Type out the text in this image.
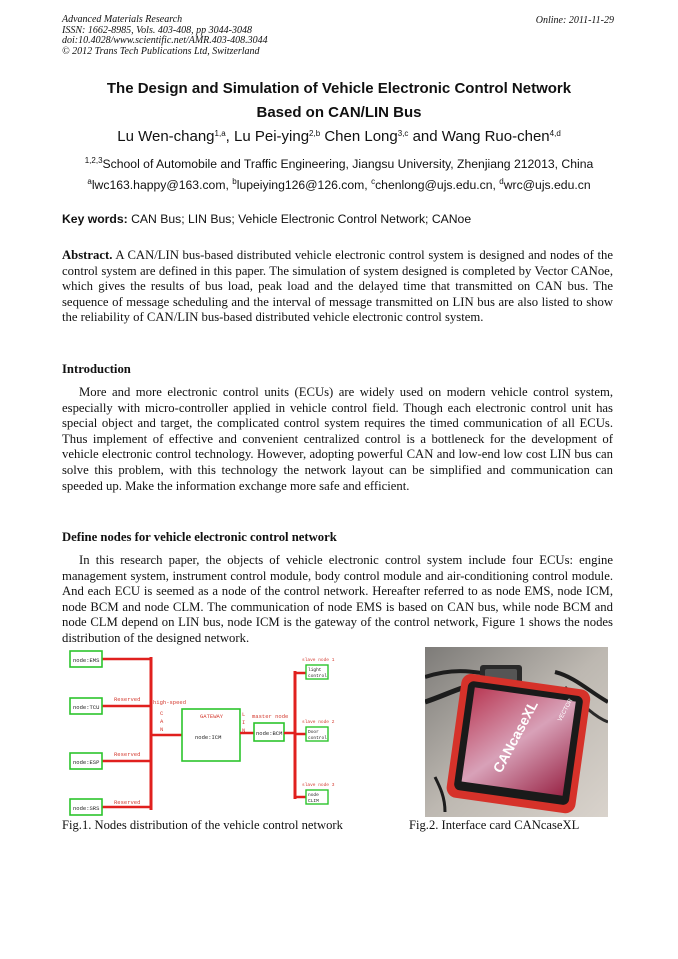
Advanced Materials Research
ISSN: 1662-8985, Vols. 403-408, pp 3044-3048
doi:10.4028/www.scientific.net/AMR.403-408.3044
© 2012 Trans Tech Publications Ltd, Switzerland
Online: 2011-11-29
The Design and Simulation of Vehicle Electronic Control Network
Based on CAN/LIN Bus
Lu Wen-chang$^{1,a}$, Lu Pei-ying$^{2,b}$ Chen Long$^{3,c}$ and Wang Ruo-chen$^{4,d}$
$^{1,2,3}$School of Automobile and Traffic Engineering, Jiangsu University, Zhenjiang 212013, China
$^a$lwc163.happy@163.com, $^b$lupeiying126@126.com, $^c$chenlong@ujs.edu.cn, $^d$wrc@ujs.edu.cn
Key words: CAN Bus; LIN Bus; Vehicle Electronic Control Network; CANoe

Abstract. A CAN/LIN bus-based distributed vehicle electronic control system is designed and nodes of the control system are defined in this paper. The simulation of system designed is completed by Vector CANoe, which gives the results of bus load, peak load and the delayed time that transmitted on CAN bus. The sequence of message scheduling and the interval of message transmitted on LIN bus are also listed to show the reliability of CAN/LIN bus-based distributed vehicle electronic control system.

Introduction

More and more electronic control units (ECUs) are widely used on modern vehicle control system, especially with micro-controller applied in vehicle control field. Though each electronic control unit has special object and target, the complicated control system requires the timed communication of all ECUs. Thus implement of effective and convenient centralized control is a bottleneck for the development of vehicle electronic control technology. However, adopting powerful CAN and low-end low cost LIN bus can solve this problem, with this technology the network layout can be simplified and communication can speeded up. Make the information exchange more safe and efficient.

Define nodes for vehicle electronic control network

In this research paper, the objects of vehicle electronic control system include four ECUs: engine management system, instrument control module, body control module and air-conditioning control module. And each ECU is seemed as a node of the control network. Hereafter referred to as node EMS, node ICM, node BCM and node CLM. The communication of node EMS is based on CAN bus, while node BCM and node CLM depend on LIN bus, node ICM is the gateway of the control network, Figure 1 shows the nodes distribution of the designed network.

node:EMS
node:TCU
node:ESP
node:SRS
Reserved
Reserved
Reserved
high-speed
C
A
N
GATEWAY
node:ICM
L
I
N
master node
node:BCM
slave node 1
light
control
slave node 2
Door
control
slave node 3
node
CLIM
CANcaseXL	VECTOR
Fig.1. Nodes distribution of the vehicle control network	Fig.2. Interface card CANcaseXL
